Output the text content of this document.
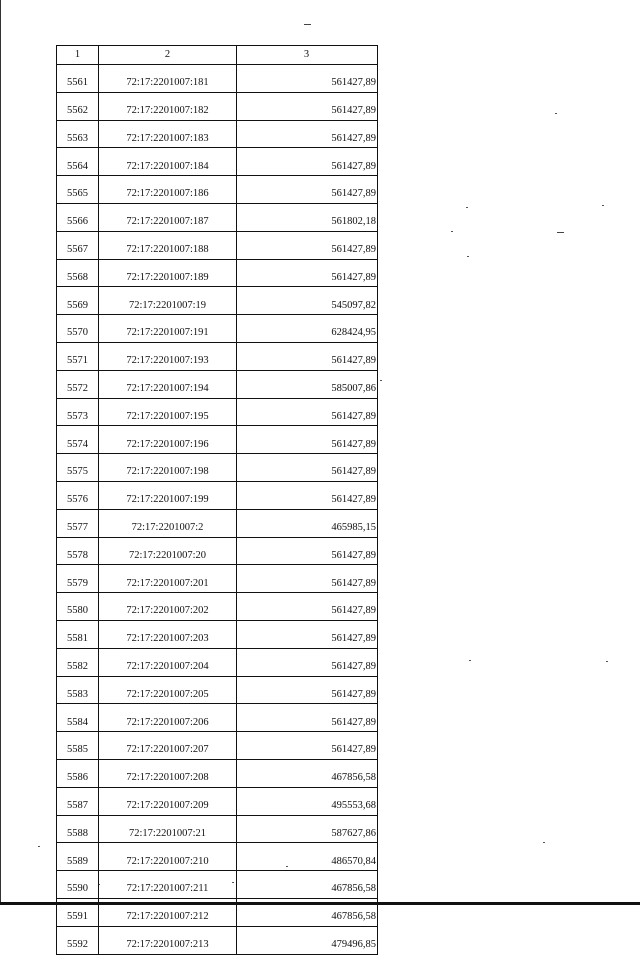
1	2	3
5561	72:17:2201007:181	561427,89
5562	72:17:2201007:182	561427,89
5563	72:17:2201007:183	561427,89
5564	72:17:2201007:184	561427,89
5565	72:17:2201007:186	561427,89
5566	72:17:2201007:187	561802,18
5567	72:17:2201007:188	561427,89
5568	72:17:2201007:189	561427,89
5569	72:17:2201007:19	545097,82
5570	72:17:2201007:191	628424,95
5571	72:17:2201007:193	561427,89
5572	72:17:2201007:194	585007,86
5573	72:17:2201007:195	561427,89
5574	72:17:2201007:196	561427,89
5575	72:17:2201007:198	561427,89
5576	72:17:2201007:199	561427,89
5577	72:17:2201007:2	465985,15
5578	72:17:2201007:20	561427,89
5579	72:17:2201007:201	561427,89
5580	72:17:2201007:202	561427,89
5581	72:17:2201007:203	561427,89
5582	72:17:2201007:204	561427,89
5583	72:17:2201007:205	561427,89
5584	72:17:2201007:206	561427,89
5585	72:17:2201007:207	561427,89
5586	72:17:2201007:208	467856,58
5587	72:17:2201007:209	495553,68
5588	72:17:2201007:21	587627,86
5589	72:17:2201007:210	486570,84
5590	72:17:2201007:211	467856,58
5591	72:17:2201007:212	467856,58
5592	72:17:2201007:213	479496,85
